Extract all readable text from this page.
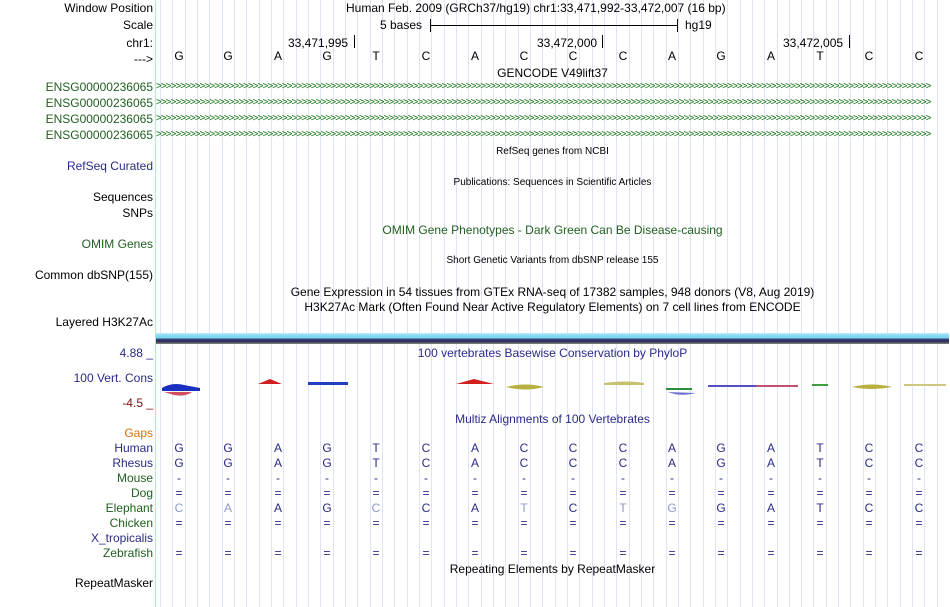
Window Position	Human Feb. 2009 (GRCh37/hg19) chr1:33,471,992-33,472,007 (16 bp)
Scale	5 bases	hg19
chr1:	33,471,995	33,472,000	33,472,005
--->	G	G	A	G	T	C	A	C	C	C	A	G	A	T	C	C
GENCODE V49lift37
ENSG00000236065 >>>>>>>>>>>>>>>>>>>>>>>>>>>>>>>>>>>>>>>>>>>>>>>>>>>>>>>>>>>>>>>>>>>>>>>>>>>>>>>>>>>>>>>>>>>>>>>>>>>>>>>>>>>>>>>>>>>>>>>>>>>>>>>>>>>>>>>>>>>>>>>>>>>>>>>>>>>>>>>>
ENSG00000236065 >>>>>>>>>>>>>>>>>>>>>>>>>>>>>>>>>>>>>>>>>>>>>>>>>>>>>>>>>>>>>>>>>>>>>>>>>>>>>>>>>>>>>>>>>>>>>>>>>>>>>>>>>>>>>>>>>>>>>>>>>>>>>>>>>>>>>>>>>>>>>>>>>>>>>>>>>>>>>>>>
ENSG00000236065 >>>>>>>>>>>>>>>>>>>>>>>>>>>>>>>>>>>>>>>>>>>>>>>>>>>>>>>>>>>>>>>>>>>>>>>>>>>>>>>>>>>>>>>>>>>>>>>>>>>>>>>>>>>>>>>>>>>>>>>>>>>>>>>>>>>>>>>>>>>>>>>>>>>>>>>>>>>>>>>>
ENSG00000236065 >>>>>>>>>>>>>>>>>>>>>>>>>>>>>>>>>>>>>>>>>>>>>>>>>>>>>>>>>>>>>>>>>>>>>>>>>>>>>>>>>>>>>>>>>>>>>>>>>>>>>>>>>>>>>>>>>>>>>>>>>>>>>>>>>>>>>>>>>>>>>>>>>>>>>>>>>>>>>>>>
RefSeq genes from NCBI
RefSeq Curated
Publications: Sequences in Scientific Articles
Sequences
SNPs
OMIM Gene Phenotypes - Dark Green Can Be Disease-causing
OMIM Genes
Short Genetic Variants from dbSNP release 155
Common dbSNP(155)
Gene Expression in 54 tissues from GTEx RNA-seq of 17382 samples, 948 donors (V8, Aug 2019)
H3K27Ac Mark (Often Found Near Active Regulatory Elements) on 7 cell lines from ENCODE
Layered H3K27Ac
100 vertebrates Basewise Conservation by PhyloP
4.88 _
100 Vert. Cons
-4.5 _
Multiz Alignments of 100 Vertebrates
Gaps
Human	G	G	A	G	T	C	A	C	C	C	A	G	A	T	C	C
Rhesus	G	G	A	G	T	C	A	C	C	C	A	G	A	T	C	C
Mouse	-	-	-	-	-	-	-	-	-	-	-	-	-	-	-	-
Dog	=	=	=	=	=	=	=	=	=	=	=	=	=	=	=	=
Elephant	C	A	A	G	C	C	A	T	C	T	G	G	A	T	C	C
Chicken	=	=	=	=	=	=	=	=	=	=	=	=	=	=	=	=
X_tropicalis
Zebrafish	=	=	=	=	=	=	=	=	=	=	=	=	=	=	=	=
Repeating Elements by RepeatMasker
RepeatMasker
